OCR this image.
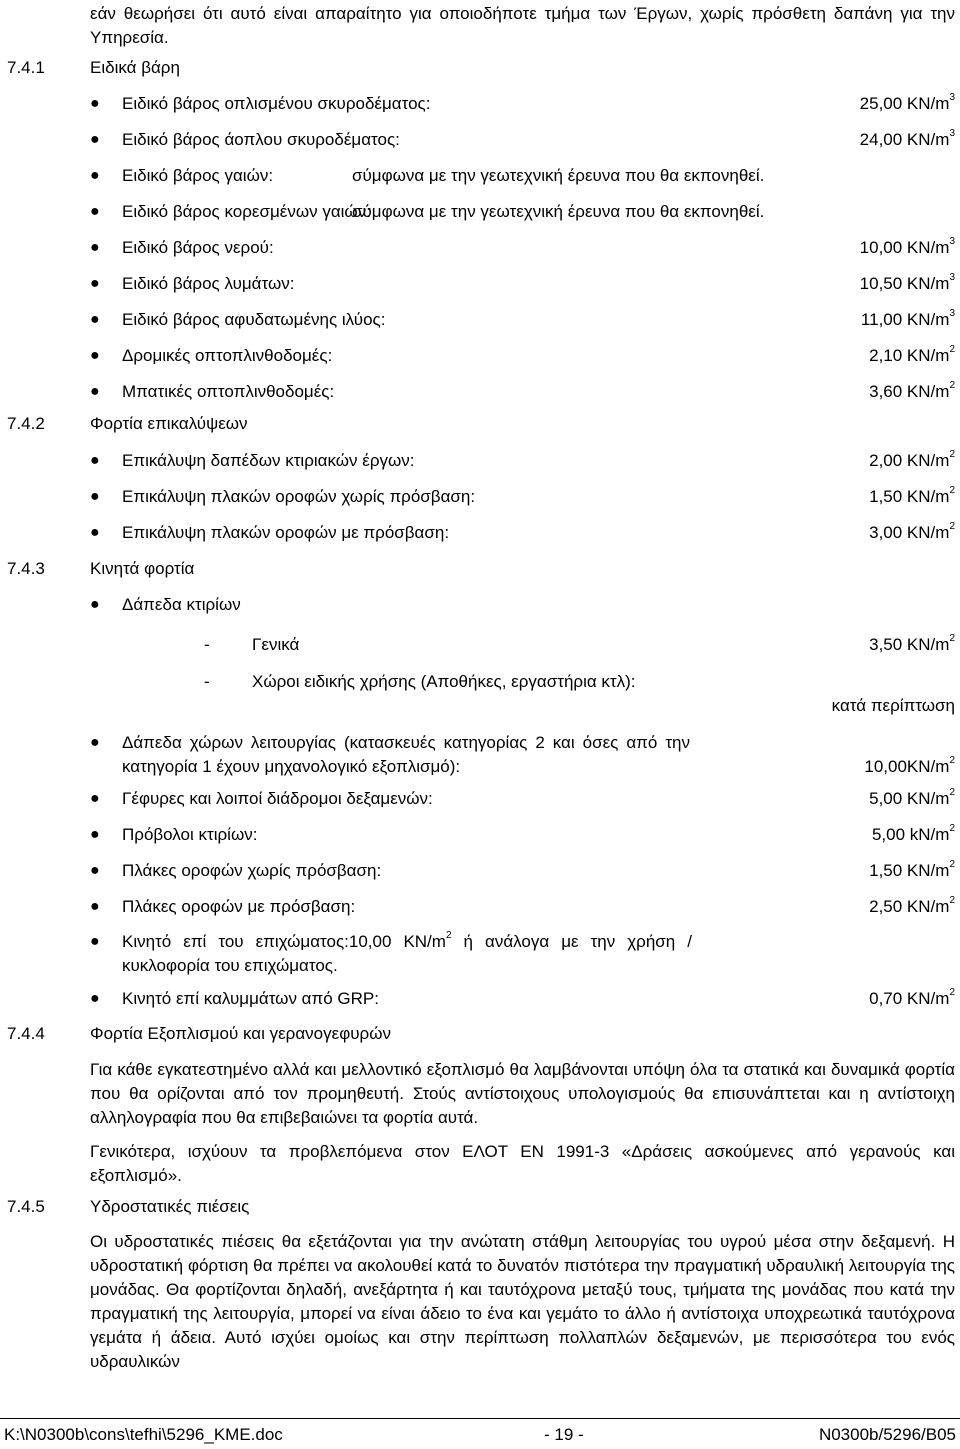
εάν θεωρήσει ότι αυτό είναι απαραίτητο για οποιοδήποτε τμήμα των Έργων, χωρίς πρόσθετη δαπάνη για την Υπηρεσία.
7.4.1	Ειδικά βάρη
● Ειδικό βάρος οπλισμένου σκυροδέματος:	25,00 $KN/m^3$
● Ειδικό βάρος άοπλου σκυροδέματος:	24,00 $KN/m^3$
● Ειδικό βάρος γαιών:	σύμφωνα με την γεωτεχνική έρευνα που θα εκπονηθεί.
● Ειδικό βάρος κορεσμένων γαιών:
σύμφωνα με την γεωτεχνική έρευνα που θα εκπονηθεί.
● Ειδικό βάρος νερού:	10,00 $KN/m^3$
● Ειδικό βάρος λυμάτων:	10,50 $KN/m^3$
● Ειδικό βάρος αφυδατωμένης ιλύος:	11,00 $KN/m^3$
● Δρομικές οπτοπλινθοδομές:	2,10 $KN/m^2$
● Μπατικές οπτοπλινθοδομές:	3,60 $KN/m^2$
7.4.2	Φορτία επικαλύψεων
● Επικάλυψη δαπέδων κτιριακών έργων:	2,00 $KN/m^2$
● Επικάλυψη πλακών οροφών χωρίς πρόσβαση:	1,50 $KN/m^2$
● Επικάλυψη πλακών οροφών με πρόσβαση:	3,00 $KN/m^2$
7.4.3	Κινητά φορτία
● Δάπεδα κτιρίων
- Γενικά	3,50 $KN/m^2$
- Χώροι ειδικής χρήσης (Αποθήκες, εργαστήρια κτλ):
κατά περίπτωση
● Δάπεδα χώρων λειτουργίας (κατασκευές κατηγορίας 2 και όσες από την κατηγορία 1 έχουν μηχανολογικό εξοπλισμό):	$10,00KN/m^2$
● Γέφυρες και λοιποί διάδρομοι δεξαμενών:	5,00 $KN/m^2$
● Πρόβολοι κτιρίων:	5,00 $kN/m^2$
● Πλάκες οροφών χωρίς πρόσβαση:	1,50 $KN/m^2$
● Πλάκες οροφών με πρόσβαση:	2,50 $KN/m^2$
● Κινητό επί του επιχώματος:10,00 $KN/m^2$ ή ανάλογα με την χρήση / κυκλοφορία του επιχώματος.
● Κινητό επί καλυμμάτων από GRP:	0,70 $KN/m^2$
7.4.4	Φορτία Εξοπλισμού και γερανογεφυρών
Για κάθε εγκατεστημένο αλλά και μελλοντικό εξοπλισμό θα λαμβάνονται υπόψη όλα τα στατικά και δυναμικά φορτία που θα ορίζονται από τον προμηθευτή. Στούς αντίστοιχους υπολογισμούς θα επισυνάπτεται και η αντίστοιχη αλληλογραφία που θα επιβεβαιώνει τα φορτία αυτά.
Γενικότερα, ισχύουν τα προβλεπόμενα στον ΕΛΟΤ ΕΝ 1991-3 «Δράσεις ασκούμενες από γερανούς και εξοπλισμό».
7.4.5	Υδροστατικές πιέσεις
Οι υδροστατικές πιέσεις θα εξετάζονται για την ανώτατη στάθμη λειτουργίας του υγρού μέσα στην δεξαμενή. Η υδροστατική φόρτιση θα πρέπει να ακολουθεί κατά το δυνατόν πιστότερα την πραγματική υδραυλική λειτουργία της μονάδας. Θα φορτίζονται δηλαδή, ανεξάρτητα ή και ταυτόχρονα μεταξύ τους, τμήματα της μονάδας που κατά την πραγματική της λειτουργία, μπορεί να είναι άδειο το ένα και γεμάτο το άλλο ή αντίστοιχα υποχρεωτικά ταυτόχρονα γεμάτα ή άδεια. Αυτό ισχύει ομοίως και στην περίπτωση πολλαπλών δεξαμενών, με περισσότερα του ενός υδραυλικών
K:\N0300b\cons\tefhi\5296_KME.doc	- 19 -	N0300b/5296/B05
